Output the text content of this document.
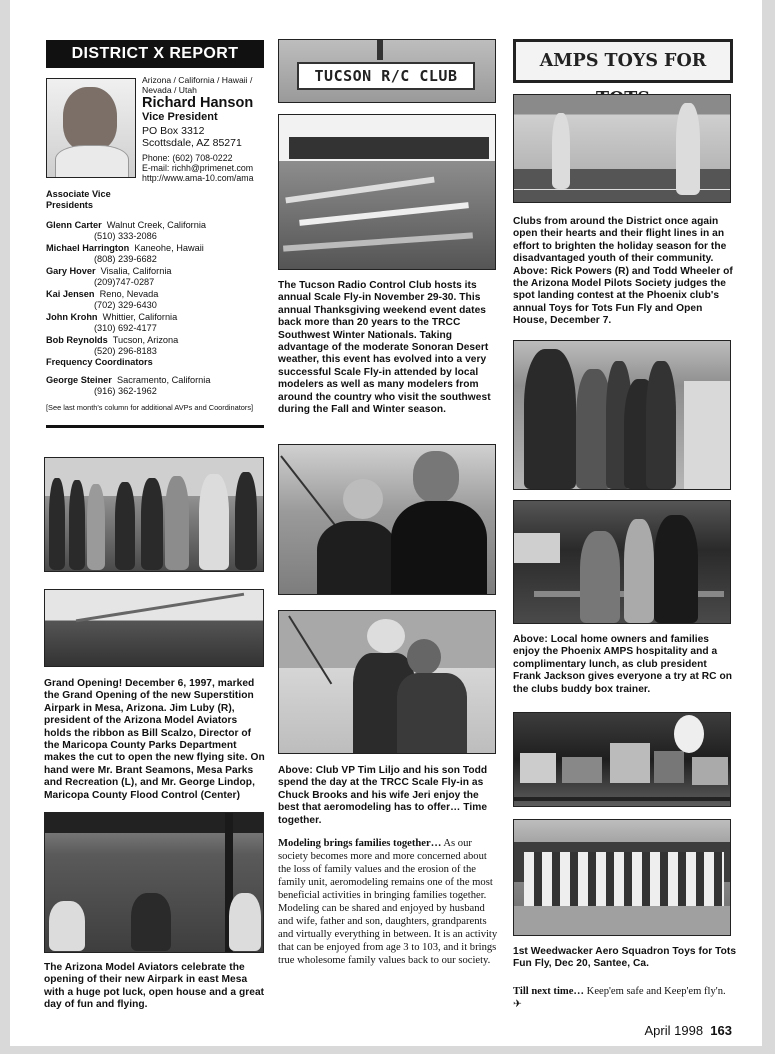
DISTRICT X REPORT
Arizona / California / Hawaii / Nevada / Utah
Richard Hanson
Vice President
PO Box 3312
Scottsdale, AZ 85271
Phone: (602) 708-0222
E-mail: richh@primenet.com
http://www.ama-10.com/ama
Associate Vice
Presidents
Glenn Carter Walnut Creek, California
(510) 333-2086
Michael Harrington Kaneohe, Hawaii
(808) 239-6682
Gary Hover Visalia, California
(209)747-0287
Kai Jensen Reno, Nevada
(702) 329-6430
John Krohn Whittier, California
(310) 692-4177
Bob Reynolds Tucson, Arizona
(520) 296-8183
Frequency Coordinators
George Steiner Sacramento, California
(916) 362-1962
[See last month's column for additional AVPs and Coordinators]
Grand Opening! December 6, 1997, marked the Grand Opening of the new Superstition Airpark in Mesa, Arizona. Jim Luby (R), president of the Arizona Model Aviators holds the ribbon as Bill Scalzo, Director of the Maricopa County Parks Department makes the cut to open the new flying site. On hand were Mr. Brant Seamons, Mesa Parks and Recreation (L), and Mr. George Lindop, Maricopa County Flood Control (Center)
The Arizona Model Aviators celebrate the opening of their new Airpark in east Mesa with a huge pot luck, open house and a great day of fun and flying.
TUCSON R/C CLUB
The Tucson Radio Control Club hosts its annual Scale Fly-in November 29-30. This annual Thanksgiving weekend event dates back more than 20 years to the TRCC Southwest Winter Nationals. Taking advantage of the moderate Sonoran Desert weather, this event has evolved into a very successful Scale Fly-in attended by local modelers as well as many modelers from around the country who visit the southwest during the Fall and Winter season.
Above: Club VP Tim Liljo and his son Todd spend the day at the TRCC Scale Fly-in as Chuck Brooks and his wife Jeri enjoy the best that aeromodeling has to offer… Time together.
Modeling brings families together… As our society becomes more and more concerned about the loss of family values and the erosion of the family unit, aeromodeling remains one of the most beneficial activities in bringing families together. Modeling can be shared and enjoyed by husband and wife, father and son, daughters, grandparents and virtually everything in between. It is an activity that can be enjoyed from age 3 to 103, and it brings true wholesome family values back to our society.
AMPS TOYS FOR
Clubs from around the District once again open their hearts and their flight lines in an effort to brighten the holiday season for the disadvantaged youth of their community. Above: Rick Powers (R) and Todd Wheeler of the Arizona Model Pilots Society judges the spot landing contest at the Phoenix club's annual Toys for Tots Fun Fly and Open House, December 7.
Above: Local home owners and families enjoy the Phoenix AMPS hospitality and a complimentary lunch, as club president Frank Jackson gives everyone a try at RC on the clubs buddy box trainer.
1st Weedwacker Aero Squadron Toys for Tots Fun Fly, Dec 20, Santee, Ca.
Till next time… Keep'em safe and Keep'em fly'n. ✈
April 1998 163
